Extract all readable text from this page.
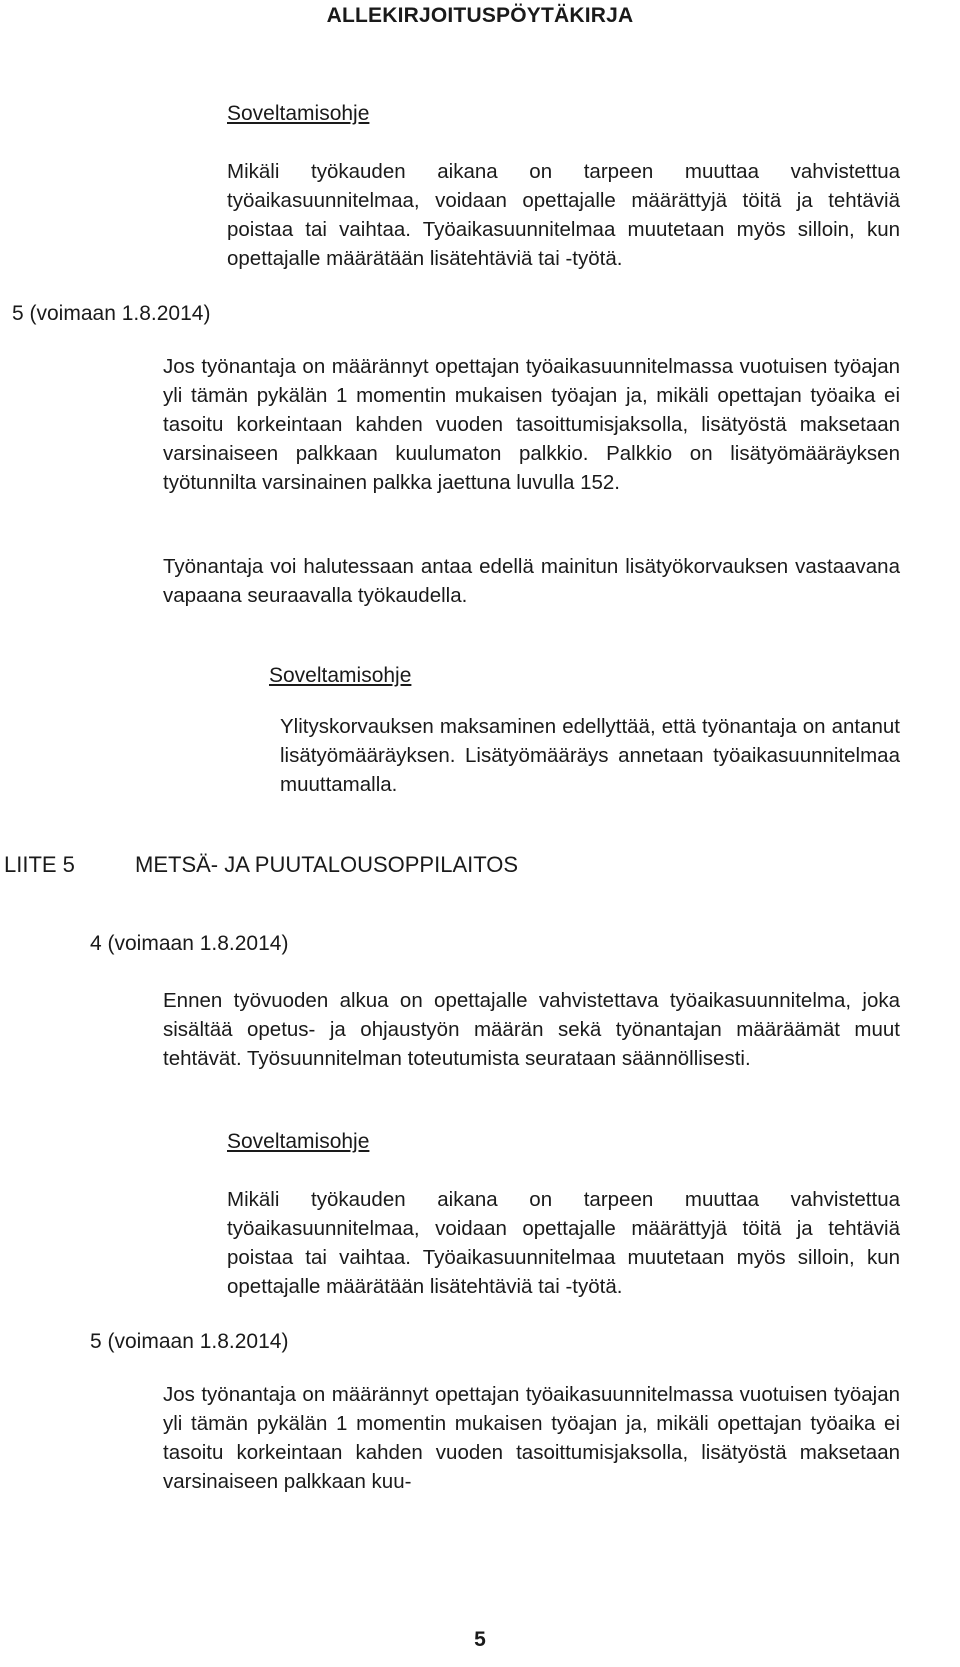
ALLEKIRJOITUSPÖYTÄKIRJA
Soveltamisohje

Mikäli työkauden aikana on tarpeen muuttaa vahvistettua työaikasuunnitelmaa, voidaan opettajalle määrättyjä töitä ja tehtäviä poistaa tai vaihtaa. Työaikasuunnitelmaa muutetaan myös silloin, kun opettajalle määrätään lisätehtäviä tai -työtä.

5 (voimaan 1.8.2014)

Jos työnantaja on määrännyt opettajan työaikasuunnitelmassa vuotuisen työajan yli tämän pykälän 1 momentin mukaisen työajan ja, mikäli opettajan työaika ei tasoitu korkeintaan kahden vuoden tasoittumisjaksolla, lisätyöstä maksetaan varsinaiseen palkkaan kuulumaton palkkio. Palkkio on lisätyömääräyksen työtunnilta varsinainen palkka jaettuna luvulla 152.

Työnantaja voi halutessaan antaa edellä mainitun lisätyökorvauksen vastaavana vapaana seuraavalla työkaudella.

Soveltamisohje

Ylityskorvauksen maksaminen edellyttää, että työnantaja on antanut lisätyömääräyksen. Lisätyömääräys annetaan työaikasuunnitelmaa muuttamalla.

LIITE 5	METSÄ- JA PUUTALOUSOPPILAITOS
4 (voimaan 1.8.2014)

Ennen työvuoden alkua on opettajalle vahvistettava työaikasuunnitelma, joka sisältää opetus- ja ohjaustyön määrän sekä työnantajan määräämät muut tehtävät. Työsuunnitelman toteutumista seurataan säännöllisesti.

Soveltamisohje

Mikäli työkauden aikana on tarpeen muuttaa vahvistettua työaikasuunnitelmaa, voidaan opettajalle määrättyjä töitä ja tehtäviä poistaa tai vaihtaa. Työaikasuunnitelmaa muutetaan myös silloin, kun opettajalle määrätään lisätehtäviä tai -työtä.

5 (voimaan 1.8.2014)

Jos työnantaja on määrännyt opettajan työaikasuunnitelmassa vuotuisen työajan yli tämän pykälän 1 momentin mukaisen työajan ja, mikäli opettajan työaika ei tasoitu korkeintaan kahden vuoden tasoittumisjaksolla, lisätyöstä maksetaan varsinaiseen palkkaan kuu-

5
